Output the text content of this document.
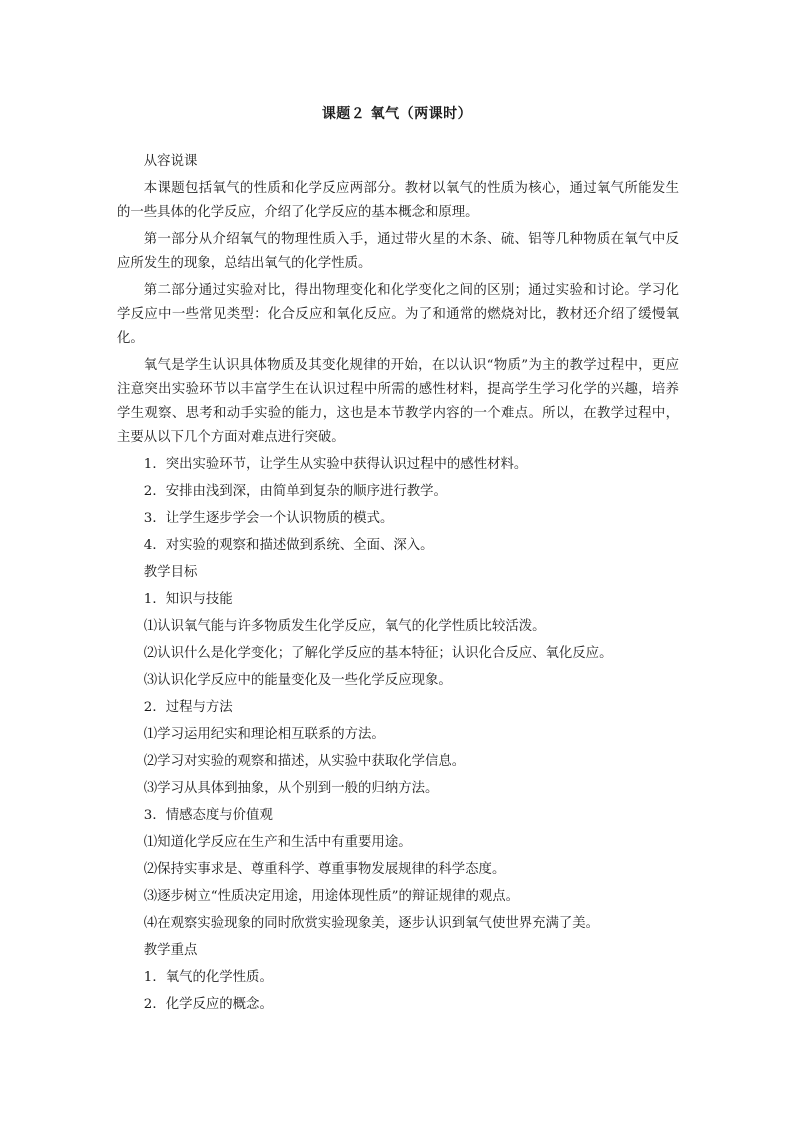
课题２ 氧气（两课时）
从容说课

本课题包括氧气的性质和化学反应两部分。教材以氧气的性质为核心，通过氧气所能发生的一些具体的化学反应，介绍了化学反应的基本概念和原理。

第一部分从介绍氧气的物理性质入手，通过带火星的木条、硫、铝等几种物质在氧气中反应所发生的现象，总结出氧气的化学性质。

第二部分通过实验对比，得出物理变化和化学变化之间的区别；通过实验和讨论。学习化学反应中一些常见类型：化合反应和氧化反应。为了和通常的燃烧対比，教材还介绍了缓慢氧化。

氧气是学生认识具体物质及其变化规律的开始，在以认识“物质”为主的教学过程中，更应注意突出实验环节以丰富学生在认识过程中所需的感性材料，提高学生学习化学的兴趣，培养学生观察、思考和动手实验的能力，这也是本节教学内容的一个难点。所以，在教学过程中，主要从以下几个方面对难点进行突破。

1．突出实验环节，让学生从实验中获得认识过程中的感性材料。
2．安排由浅到深，由简单到复杂的顺序进行教学。
3．让学生逐步学会一个认识物质的模式。
4．对实验的观察和描述做到系统、全面、深入。
教学目标
1．知识与技能
⑴认识氧气能与许多物质发生化学反应，氧气的化学性质比较活泼。
⑵认识什么是化学变化；了解化学反应的基本特征；认识化合反应、氧化反应。
⑶认识化学反应中的能量变化及一些化学反应现象。
2．过程与方法
⑴学习运用纪实和理论相互联系的方法。
⑵学习对实验的观察和描述，从实验中获取化学信息。
⑶学习从具体到抽象，从个别到一般的归纳方法。
3．情感态度与价值观
⑴知道化学反应在生产和生活中有重要用途。
⑵保持实事求是、尊重科学、尊重事物发展规律的科学态度。
⑶逐步树立“性质决定用途，用途体现性质”的辩证规律的观点。
⑷在观察实验现象的同时欣赏实验现象美，逐步认识到氧气使世界充满了美。
教学重点
1．氧气的化学性质。
2．化学反应的概念。
